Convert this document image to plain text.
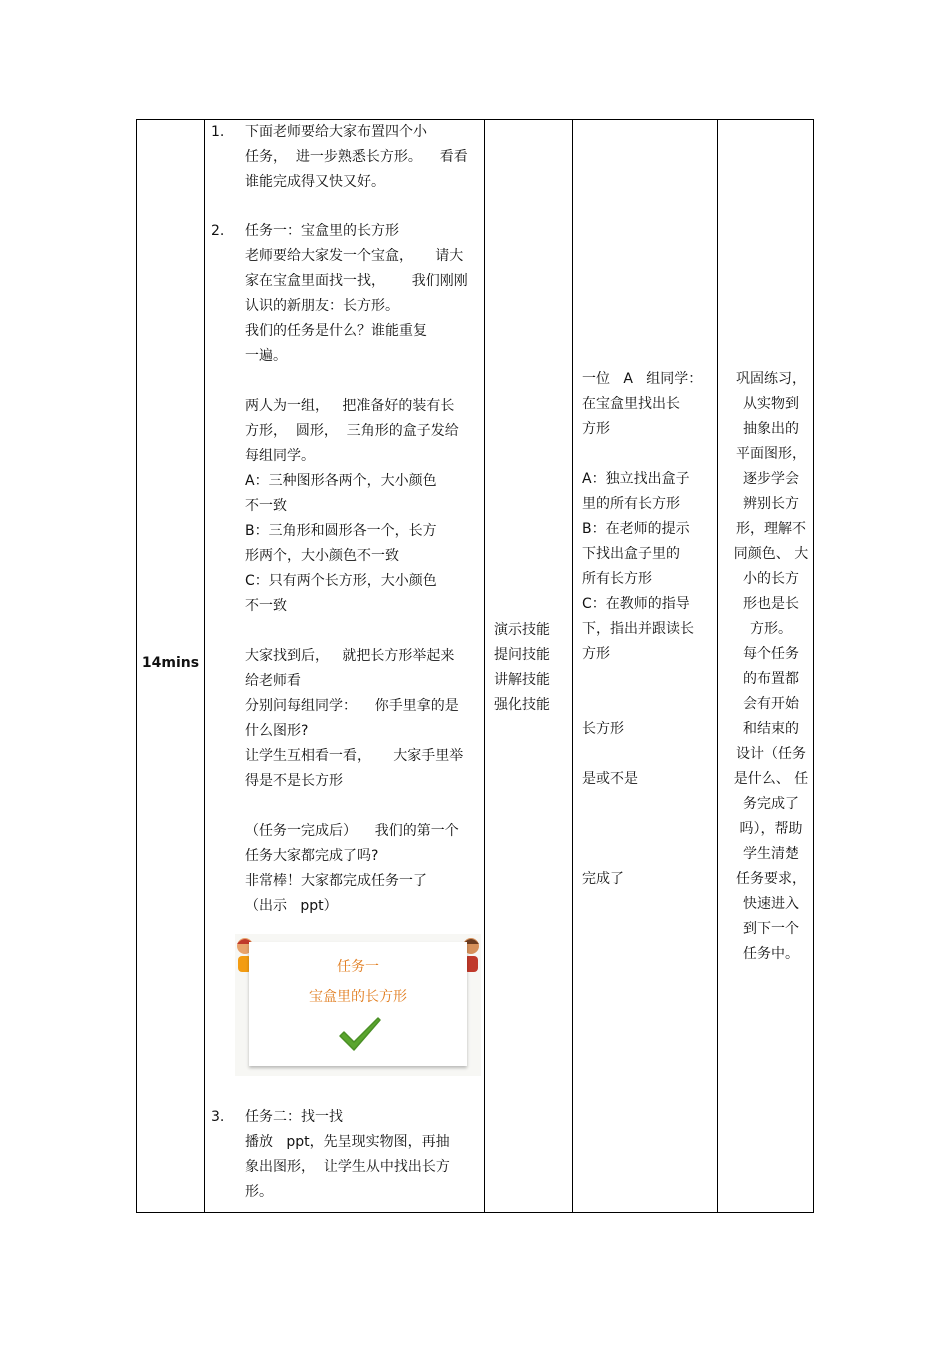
14mins
1. 下面老师要给大家布置四个小
任务，  进一步熟悉长方形。    看看
谁能完成得又快又好。
2. 任务一：宝盒里的长方形
老师要给大家发一个宝盒，     请大
家在宝盒里面找一找，      我们刚刚
认识的新朋友：长方形。
我们的任务是什么？谁能重复
一遍。
两人为一组，   把准备好的装有长
方形，  圆形，  三角形的盒子发给
每组同学。
A：三种图形各两个，大小颜色
不一致
B：三角形和圆形各一个，长方
形两个，大小颜色不一致
C：只有两个长方形，大小颜色
不一致
大家找到后，   就把长方形举起来
给老师看
分别问每组同学：    你手里拿的是
什么图形?
让学生互相看一看，     大家手里举
得是不是长方形
（任务一完成后）    我们的第一个
任务大家都完成了吗?
非常棒！大家都完成任务一了
（出示   ppt）
任务一
宝盒里的长方形
3. 任务二：找一找
播放   ppt，先呈现实物图，再抽
象出图形，  让学生从中找出长方
形。
演示技能
提问技能
讲解技能
强化技能
一位   A   组同学：
在宝盒里找出长
方形
A：独立找出盒子
里的所有长方形
B：在老师的提示
下找出盒子里的
所有长方形
C：在教师的指导
下，指出并跟读长
方形
长方形
是或不是
完成了
巩固练习，
从实物到
抽象出的
平面图形，
逐步学会
辨别长方
形，理解不
同颜色、 大
小的长方
形也是长
方形。
每个任务
的布置都
会有开始
和结束的
设计（任务
是什么、 任
务完成了
吗），帮助
学生清楚
任务要求，
快速进入
到下一个
任务中。
